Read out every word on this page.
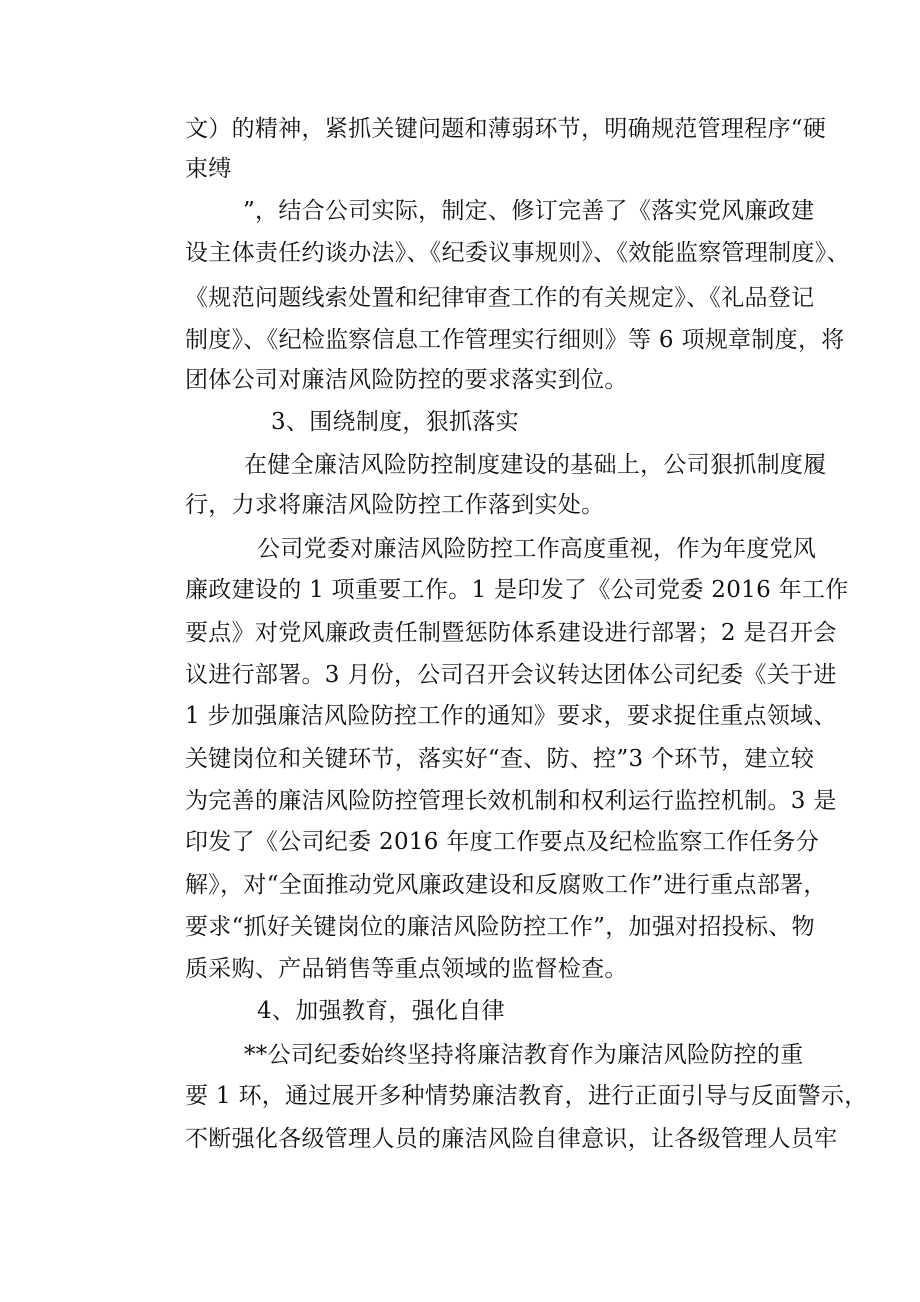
文）的精神，紧抓关键问题和薄弱环节，明确规范管理程序“硬
束缚
”，结合公司实际，制定、修订完善了《落实党风廉政建
设主体责任约谈办法》、《纪委议事规则》、《效能监察管理制度》、
《规范问题线索处置和纪律审查工作的有关规定》、《礼品登记
制度》、《纪检监察信息工作管理实行细则》等 6 项规章制度，将
团体公司对廉洁风险防控的要求落实到位。
3、围绕制度，狠抓落实
在健全廉洁风险防控制度建设的基础上，公司狠抓制度履
行，力求将廉洁风险防控工作落到实处。
公司党委对廉洁风险防控工作高度重视，作为年度党风
廉政建设的 1 项重要工作。1 是印发了《公司党委 2016 年工作
要点》对党风廉政责任制暨惩防体系建设进行部署；2 是召开会
议进行部署。3 月份，公司召开会议转达团体公司纪委《关于进
1 步加强廉洁风险防控工作的通知》要求，要求捉住重点领域、
关键岗位和关键环节，落实好“查、防、控”3 个环节，建立较
为完善的廉洁风险防控管理长效机制和权利运行监控机制。3 是
印发了《公司纪委 2016 年度工作要点及纪检监察工作任务分
解》，对“全面推动党风廉政建设和反腐败工作”进行重点部署，
要求“抓好关键岗位的廉洁风险防控工作”，加强对招投标、物
质采购、产品销售等重点领域的监督检查。
4、加强教育，强化自律
**公司纪委始终坚持将廉洁教育作为廉洁风险防控的重
要 1 环，通过展开多种情势廉洁教育，进行正面引导与反面警示，
不断强化各级管理人员的廉洁风险自律意识，让各级管理人员牢
